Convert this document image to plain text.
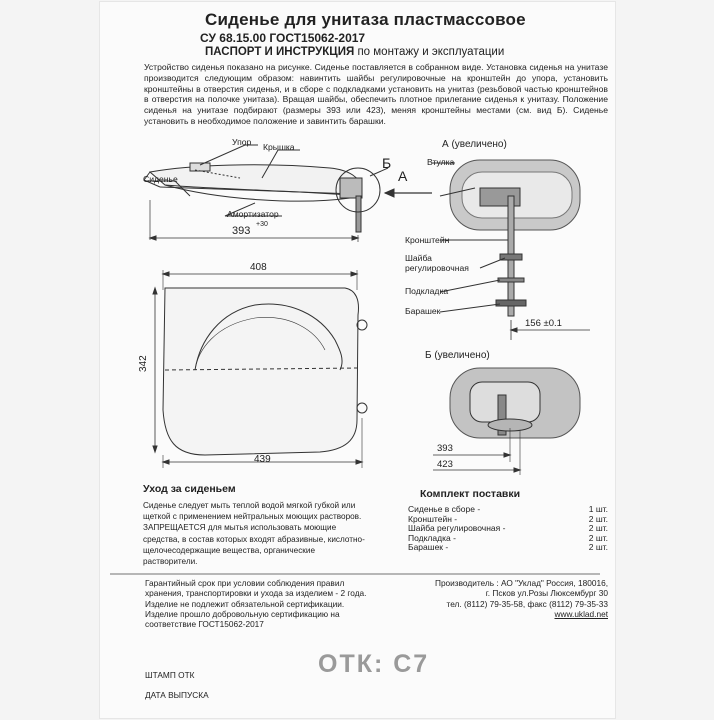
Сиденье для унитаза пластмассовое
СУ 68.15.00 ГОСТ15062-2017
ПАСПОРТ И ИНСТРУКЦИЯ по монтажу и эксплуатации
Устройство сиденья показано на рисунке. Сиденье поставляется в собранном виде. Установка сиденья на унитазе производится следующим образом: навинтить шайбы регулировочные на кронштейн до упора, установить кронштейны в отверстия сиденья, и в сборе с подкладками установить на унитаз (резьбовой частью кронштейнов в отверстия на полочке унитаза). Вращая шайбы, обеспечить плотное прилегание сиденья к унитазу. Положение сиденья на унитазе подбирают (размеры 393 или 423), меняя кронштейны местами (см. вид Б). Сиденье установить в необходимое положение и завинтить барашки.
Упор Крышка
Сиденье
Амортизатор
Б
А
393
+30
408
342
439
А (увеличено)
Втулка
Кронштейн
Шайба
регулировочная
Подкладка
Барашек
156 ±0.1
Б (увеличено)
393
423
Уход за сиденьем
Сиденье следует мыть теплой водой мягкой губкой или щеткой с применением нейтральных моющих растворов.
ЗАПРЕЩАЕТСЯ для мытья использовать моющие средства, в состав которых входят абразивные, кислотно-щелочесодержащие вещества, органические растворители.
Комплект поставки
Сиденье в сборе -	1 шт.
Кронштейн -	2 шт.
Шайба регулировочная -	2 шт.
Подкладка -	2 шт.
Барашек -	2 шт.
Гарантийный срок при условии соблюдения правил
хранения, транспортировки и ухода за изделием - 2 года.
Изделие не подлежит обязательной сертификации.
Изделие прошло добровольную сертификацию на
соответствие ГОСТ15062-2017
Производитель : АО "Уклад" Россия, 180016,
г. Псков ул.Розы Люксембург 30
тел. (8112) 79-35-58, факс (8112) 79-35-33
www.uklad.net
ШТАМП ОТК
ДАТА ВЫПУСКА
ОТК: С7
